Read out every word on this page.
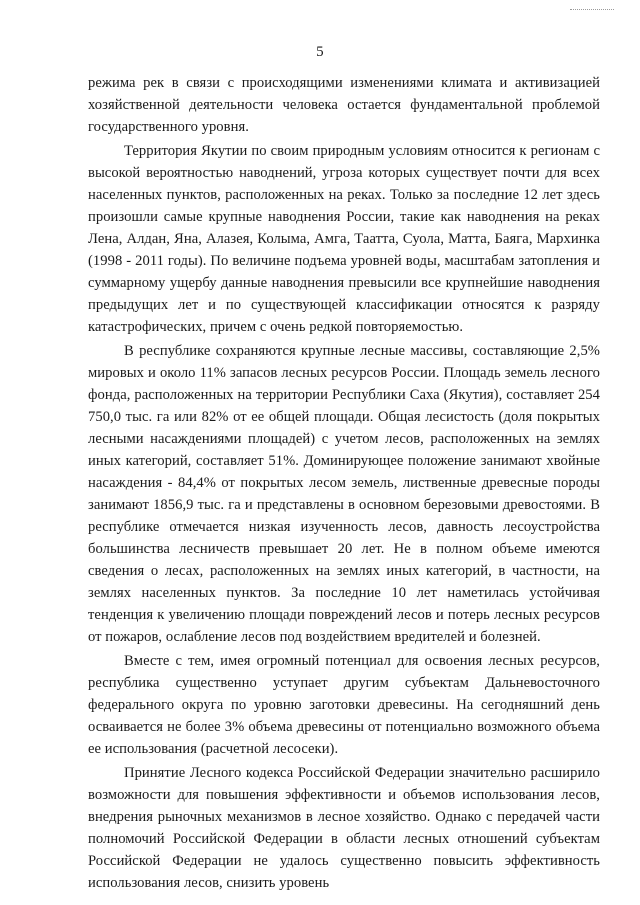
5

режима рек в связи с происходящими изменениями климата и активизацией хозяйственной деятельности человека остается фундаментальной проблемой государственного уровня.

Территория Якутии по своим природным условиям относится к регионам с высокой вероятностью наводнений, угроза которых существует почти для всех населенных пунктов, расположенных на реках. Только за последние 12 лет здесь произошли самые крупные наводнения России, такие как наводнения на реках Лена, Алдан, Яна, Алазея, Колыма, Амга, Таатта, Суола, Матта, Баяга, Мархинка (1998 - 2011 годы). По величине подъема уровней воды, масштабам затопления и суммарному ущербу данные наводнения превысили все крупнейшие наводнения предыдущих лет и по существующей классификации относятся к разряду катастрофических, причем с очень редкой повторяемостью.

В республике сохраняются крупные лесные массивы, составляющие 2,5% мировых и около 11% запасов лесных ресурсов России. Площадь земель лесного фонда, расположенных на территории Республики Саха (Якутия), составляет 254 750,0 тыс. га или 82% от ее общей площади. Общая лесистость (доля покрытых лесными насаждениями площадей) с учетом лесов, расположенных на землях иных категорий, составляет 51%. Доминирующее положение занимают хвойные насаждения - 84,4% от покрытых лесом земель, лиственные древесные породы занимают 1856,9 тыс. га и представлены в основном березовыми древостоями. В республике отмечается низкая изученность лесов, давность лесоустройства большинства лесничеств превышает 20 лет. Не в полном объеме имеются сведения о лесах, расположенных на землях иных категорий, в частности, на землях населенных пунктов. За последние 10 лет наметилась устойчивая тенденция к увеличению площади повреждений лесов и потерь лесных ресурсов от пожаров, ослабление лесов под воздействием вредителей и болезней.

Вместе с тем, имея огромный потенциал для освоения лесных ресурсов, республика существенно уступает другим субъектам Дальневосточного федерального округа по уровню заготовки древесины. На сегодняшний день осваивается не более 3% объема древесины от потенциально возможного объема ее использования (расчетной лесосеки).

Принятие Лесного кодекса Российской Федерации значительно расширило возможности для повышения эффективности и объемов использования лесов, внедрения рыночных механизмов в лесное хозяйство. Однако с передачей части полномочий Российской Федерации в области лесных отношений субъектам Российской Федерации не удалось существенно повысить эффективность использования лесов, снизить уровень
